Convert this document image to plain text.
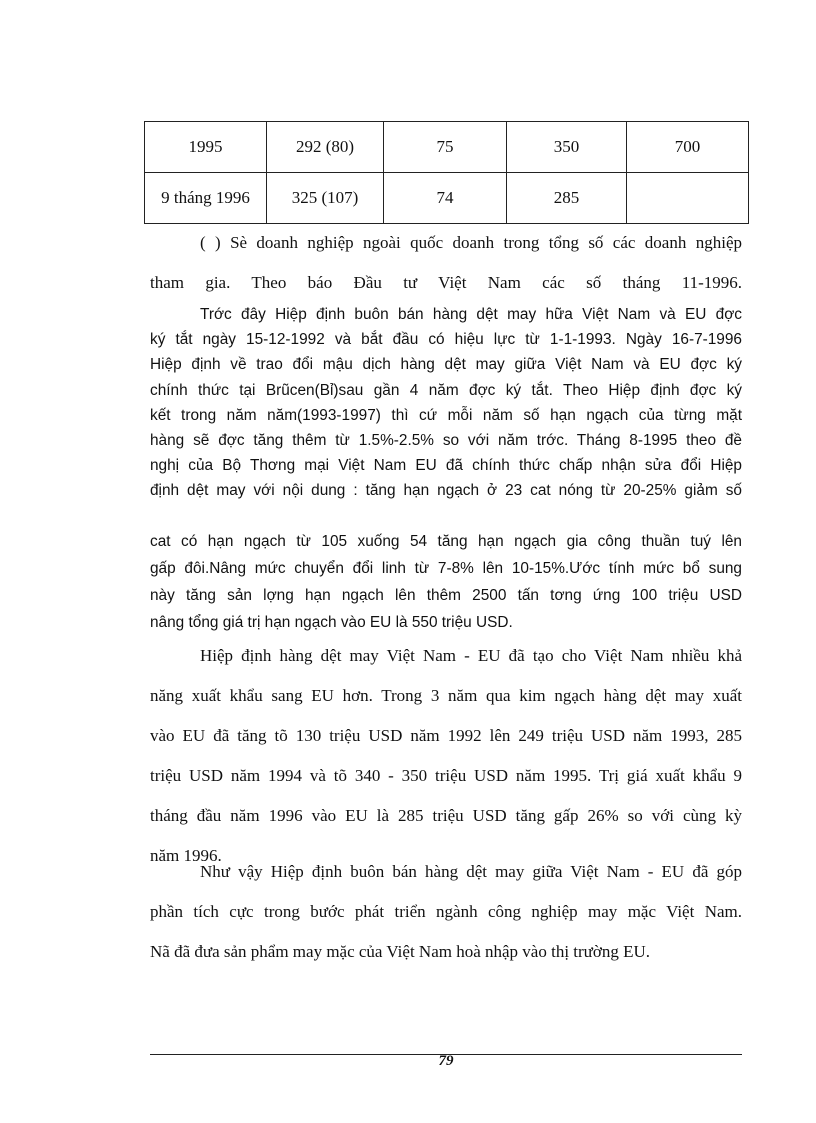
1995	292 (80)	75	350	700
9 tháng 1996	325 (107)	74	285	

( ) Sè doanh nghiệp ngoài quốc doanh trong tổng số các doanh nghiệp
tham gia. Theo báo Đầu tư Việt Nam các số tháng 11-1996.

Trớc đây Hiệp định buôn bán hàng dệt may hữa Việt Nam và EU đợc
ký tắt ngày 15-12-1992 và bắt đầu có hiệu lực từ 1-1-1993. Ngày 16-7-1996
Hiệp định về trao đổi mậu dịch hàng dệt may giữa Việt Nam và EU đợc ký
chính thức tại Brũcen(Bỉ)sau gần 4 năm đợc ký tắt. Theo Hiệp định đợc ký
kết trong năm năm(1993-1997) thì cứ mỗi năm số hạn ngạch của từng mặt
hàng sẽ đợc tăng thêm từ 1.5%-2.5% so với năm trớc. Tháng 8-1995 theo đề
nghị của Bộ Thơng mại Việt Nam EU đã chính thức chấp nhận sửa đổi Hiệp
định dệt may với nội dung : tăng hạn ngạch ở 23 cat nóng từ 20-25% giảm số

cat có hạn ngạch từ 105 xuống 54 tăng hạn ngạch gia công thuần tuý lên
gấp đôi.Nâng mức chuyển đổi linh từ 7-8% lên 10-15%.Ước tính mức bổ sung
này tăng sản lợng hạn ngạch lên thêm 2500 tấn tơng ứng 100 triệu USD
nâng tổng giá trị hạn ngạch vào EU là 550 triệu USD.

Hiệp định hàng dệt may Việt Nam - EU đã tạo cho Việt Nam nhiều khả
năng xuất khẩu sang EU hơn. Trong 3 năm qua kim ngạch hàng dệt may xuất
vào EU đã tăng tõ 130 triệu USD năm 1992 lên 249 triệu USD năm 1993, 285
triệu USD năm 1994 và tõ 340 - 350 triệu USD năm 1995. Trị giá xuất khẩu 9
tháng đầu năm 1996 vào EU là 285 triệu USD tăng gấp 26% so với cùng kỳ
năm 1996.

Như vậy Hiệp định buôn bán hàng dệt may giữa Việt Nam - EU đã góp
phần tích cực trong bước phát triển ngành công nghiệp may mặc Việt Nam.
Nã đã đưa sản phẩm may mặc của Việt Nam hoà nhập vào thị trường EU.

79
